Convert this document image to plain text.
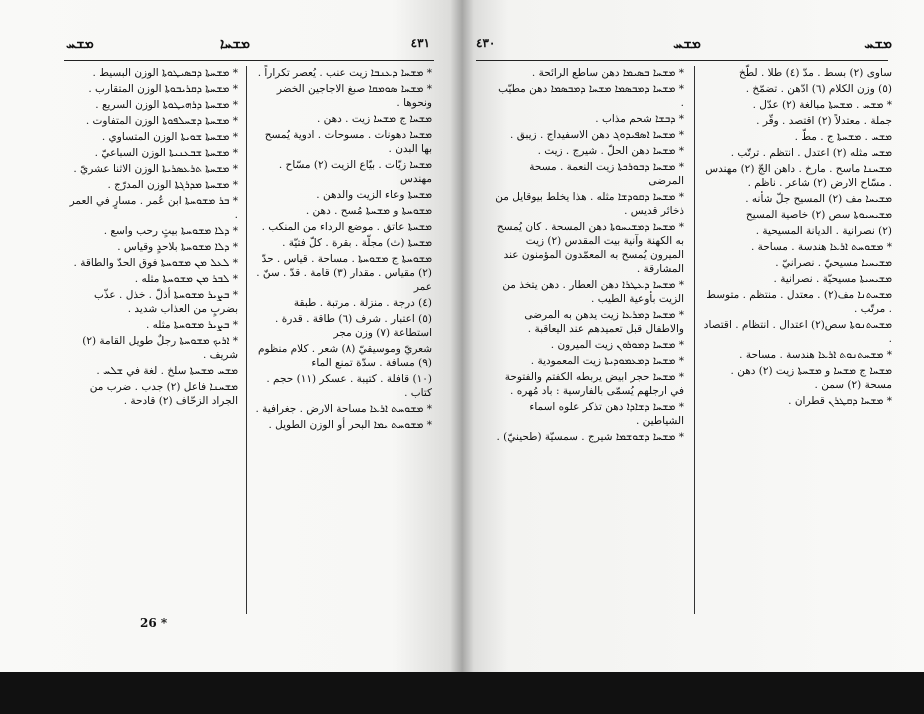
ܡܫܚ	ܡܫܚܐ	٤٣١
* ܡܫܚܬܐ ܕܒܣܝܛܘܬܐ الوزن البسيط .
* ܡܫܚܬܐ ܕܩܪܝܒܘܬܐ الوزن المتقارب .
* ܡܫܚܬܐ ܕܪܗܝܛܘܬܐ الوزن السريع .
* ܡܫܚܬܐ ܕܫܚܠܦܘܬܐ الوزن المتفاوت .
* ܡܫܚܬܐ ܫܘܝܬܐ الوزن المتساوي .
* ܡܫܚܬܐ ܫܒܥܢܝܬܐ الوزن السباعيّ .
* ܡܫܚܬܐ ܬܪܥܣܪܝܬܐ الوزن الاثنا عشريّ .
* ܡܫܚܬܐ ܡܕܪܓܬܐ الوزن المدرّج .
* ܒܪ ܡܫܘܚܬܐ ابن عُمر . مسارٍ في العمر .
* ܕܠܐ ܡܫܘܚܬܐ بيتٍ رحب واسع .
* ܕܠܐ ܡܫܘܚܬܐ بلاحدٍ وقياس .
* ܠܥܠ ܡܢ ܡܫܘܚܬܐ فوق الحدّ والطاقة .
* ܠܒܪ ܡܢ ܡܫܘܚܬܐ مثله .
* ܒܨܝܪ ܡܫܘܚܬܐ أذلّ . خذل . عذّب بضربٍ من العذاب شديد .
* ܒܨܝܪ ܡܫܘܚܬܐ مثله .
* ܐܪܝܟ ܡܫܘܚܬܐ رجلٌ طويل القامة (٢) شريف .
ܡܫܚ ܡܫܚܬܐ سلخ . لغة في ܫܠܚ .
ܡܫܚܢܐ فاعل (٢) جدب . ضرب من الجراد الزحّاف (٢) قادحة .
* ܡܫܚܐ ܕܥܢܒܐ زيت عنب . يُعصر تكراراً .
* ܡܫܚܐ ܣܘܡܩܐ صبغ الاجاجين الخضر ونحوها .
ܡܫܚܐ ج ܡܫܚܐ زيت . دهن .
ܡܫܚܐ دهونات . مسوحات . ادوية يُمسح بها البدن .
ܡܫܚܐ زيّات . بيّاع الزيت (٢) مسّاح . مهندس
ܡܫܚܬܐ وعاء الزيت والدهن .
ܡܫܘܚܬܐ و ܡܫܚܬܐ مُسح . دهن .
ܡܫܚܬܐ عاتق . موضع الرداء من المنكب .
ܡܫܚܬܐ (ث) مجلّة . بقرة . كلّ فتيّة .
ܡܫܘܚܬܐ ج ܡܫܘܚܬܐ . مساحة . قياس . حدّ (٢) مقياس . مقدار (٣) قامة . قدّ . سنّ . عمر
(٤) درجة . منزلة . مرتبة . طبقة
(٥) اعتبار . شرف (٦) طاقة . قدرة . استطاعة (٧) وزن مجر
شعريّ وموسيقيّ (٨) شعر . كلام منظوم (٩) مسافة . سدّة تمنع الماء
(١٠) قافلة . كتيبة . عسكر (١١) حجم . كتاب .
* ܡܫܘܚܬ ܐܪܥܐ مساحة الارض . جغرافية .
* ܡܫܘܚܬ ܝܡܐ البحر أو الوزن الطويل .
26 *
٤٣٠	ܡܫܚ	ܡܫܚ
* ܡܫܚܐ ܒܣܝܡܐ دهن ساطع الرائحة .
* ܡܫܚܐ ܕܡܒܣܡܐ ܡܫܚܐ ܕܡܒܣܡܐ دهن مطيّب .
* ܕܒܫܐ شحم مذاب .
* ܡܫܚܐ ܐܣܦܝܕܘܓ دهن الاسفيداج . زيبق .
* ܡܫܚܐ دهن الحلّ . شيرج . زيت .
* ܡܫܚܐ ܕܒܘܪܟܬܐ زيت النعمة . مسحة المرضى
* ܡܫܚܐ ܕܩܘܕܫܐ مثله . هذا يخلط بيوقايل من ذخائر قديس .
* ܡܫܚܐ ܕܡܫܝܚܘܬܐ دهن المسحة . كان يُمسح به الكهنة وآنية بيت المقدس (٢) زيت الميرون يُمسح به المعمّدون المؤمنون عند المشارقة .
* ܡܫܚܐ ܕܥܛܪܐ دهن العطار . دهن يتخذ من الزيت بأوعية الطيب .
* ܡܫܚܐ ܕܡܪܥܐ زيت يدهن به المرضى والاطفال قبل تعميدهم عند اليعاقبة .
* ܡܫܚܐ ܕܡܘܪܘܢ زيت الميرون .
* ܡܫܚܐ ܕܡܥܡܘܕܝܬܐ زيت المعمودية .
* ܡܫܚܐ حجر ابيض يربطه الكفتم والفتوحة في ارجلهم يُسمّى بالفارسية : باد مُهره .
* ܡܫܚܐ ܕܫܐܕܐ دهن تذكر علوه اسماء الشياطين .
* ܡܫܚܐ ܕܫܘܫܡܐ شيرج . سمسيّة (طحينيّ) .
ساوى (٢) بسط . مدّ (٤) طلا . لطّخ
(٥) وزن الكلام (٦) ادّهن . تضمّخ .
* ܡܫܚ . ܡܫܚܬܐ مبالغة (٢) عدّل .
جملة . معتدلاً (٢) اقتصد . وقّر .
ܡܫܚ . ܡܫܚܬܐ ج . مطّ .
ܡܫܚ مثله (٢) اعتدل . انتظم . ترتّب .
ܡܫܚܢܐ ماسح . مارخ . داهن الجّ (٢) مهندس . مسّاح الارض (٢) شاعر . ناظم .
ܡܫܝܚܐ مف (٢) المسيح جلّ شأنه .
ܡܫܝܚܝܘܬܐ سص (٢) خاصية المسيح
(٢) نصرانية . الديانة المسيحية .
* ܡܫܘܚܬ ܐܪܥܐ هندسة . مساحة .
ܡܫܝܚܝܐ مسيحيّ . نصرانيّ .
ܡܫܝܚܝܬܐ مسيحيّة . نصرانية .
ܡܫܚܬܢܐ مف(٢) . معتدل . منتظم . متوسط . مرتّب .
ܡܫܚܬܢܘܬܐ سص(٢) اعتدال . انتظام . اقتصاد .
* ܡܫܚܬܢܘܬ ܐܪܥܐ هندسة . مساحة .
ܡܫܚܐ ج ܡܫܚܐ و ܡܫܚܬܐ زيت (٢) دهن . مسحة (٢) سمن .
* ܡܫܚܐ ܕܩܛܪܢ قطران .
